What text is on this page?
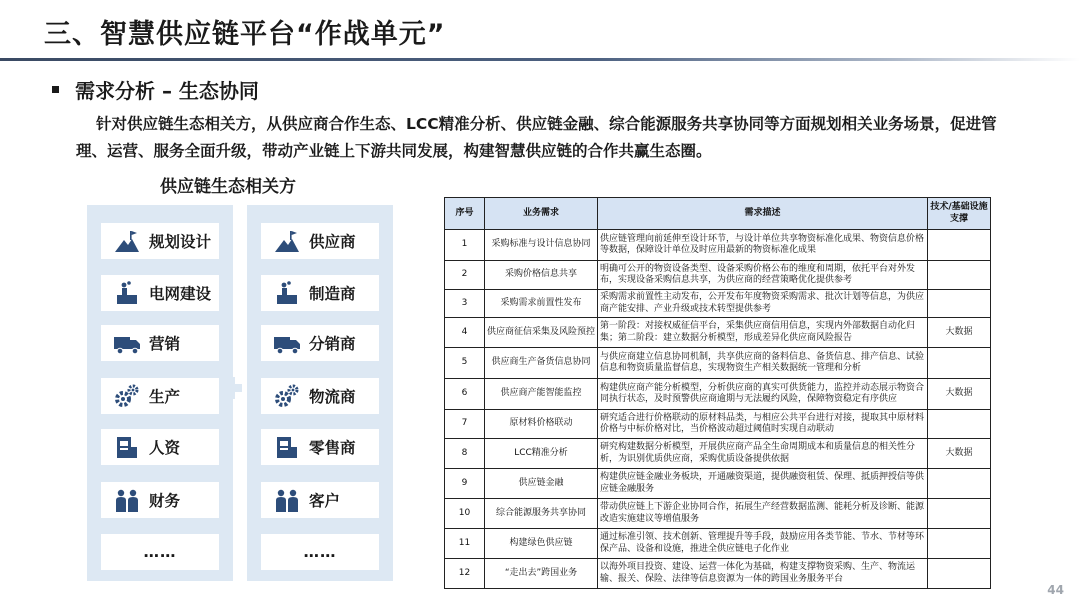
三、智慧供应链平台“作战单元”
需求分析 – 生态协同
针对供应链生态相关方，从供应商合作生态、LCC精准分析、供应链金融、综合能源服务共享协同等方面规划相关业务场景，促进管理、运营、服务全面升级，带动产业链上下游共同发展，构建智慧供应链的合作共赢生态圈。
供应链生态相关方
规划设计
电网建设
营销
生产
人资
财务
……
供应商
制造商
分销商
物流商
零售商
客户
……
序号	业务需求	需求描述	技术/基础设施支撑
1	采购标准与设计信息协同	供应链管理向前延伸至设计环节，与设计单位共享物资标准化成果、物资信息价格等数据，保障设计单位及时应用最新的物资标准化成果	
2	采购价格信息共享	明确可公开的物资设备类型、设备采购价格公布的维度和周期，依托平台对外发布，实现设备采购信息共享，为供应商的经营策略优化提供参考	
3	采购需求前置性发布	采购需求前置性主动发布，公开发布年度物资采购需求、批次计划等信息，为供应商产能安排、产业升级或技术转型提供参考	
4	供应商征信采集及风险预控	第一阶段：对接权威征信平台，采集供应商信用信息，实现内外部数据自动化归集；第二阶段：建立数据分析模型，形成差异化供应商风险报告	大数据
5	供应商生产备货信息协同	与供应商建立信息协同机制，共享供应商的备料信息、备货信息、排产信息、试验信息和物资质量监督信息，实现物资生产相关数据统一管理和分析	
6	供应商产能智能监控	构建供应商产能分析模型，分析供应商的真实可供货能力，监控并动态展示物资合同执行状态，及时预警供应商逾期与无法履约风险，保障物资稳定有序供应	大数据
7	原材料价格联动	研究适合进行价格联动的原材料品类，与相应公共平台进行对接，提取其中原材料价格与中标价格对比，当价格波动超过阈值时实现自动联动	
8	LCC精准分析	研究构建数据分析模型，开展供应商产品全生命周期成本和质量信息的相关性分析，为识别优质供应商，采购优质设备提供依据	大数据
9	供应链金融	构建供应链金融业务板块，开通融资渠道，提供融资租赁、保理、抵质押授信等供应链金融服务	
10	综合能源服务共享协同	带动供应链上下游企业协同合作，拓展生产经营数据监测、能耗分析及诊断、能源改造实施建议等增值服务	
11	构建绿色供应链	通过标准引领、技术创新、管理提升等手段，鼓励应用各类节能、节水、节材等环保产品、设备和设施，推进全供应链电子化作业	
12	“走出去”跨国业务	以海外项目投资、建设、运营一体化为基础，构建支撑物资采购、生产、物流运输、报关、保险、法律等信息资源为一体的跨国业务服务平台	
44
